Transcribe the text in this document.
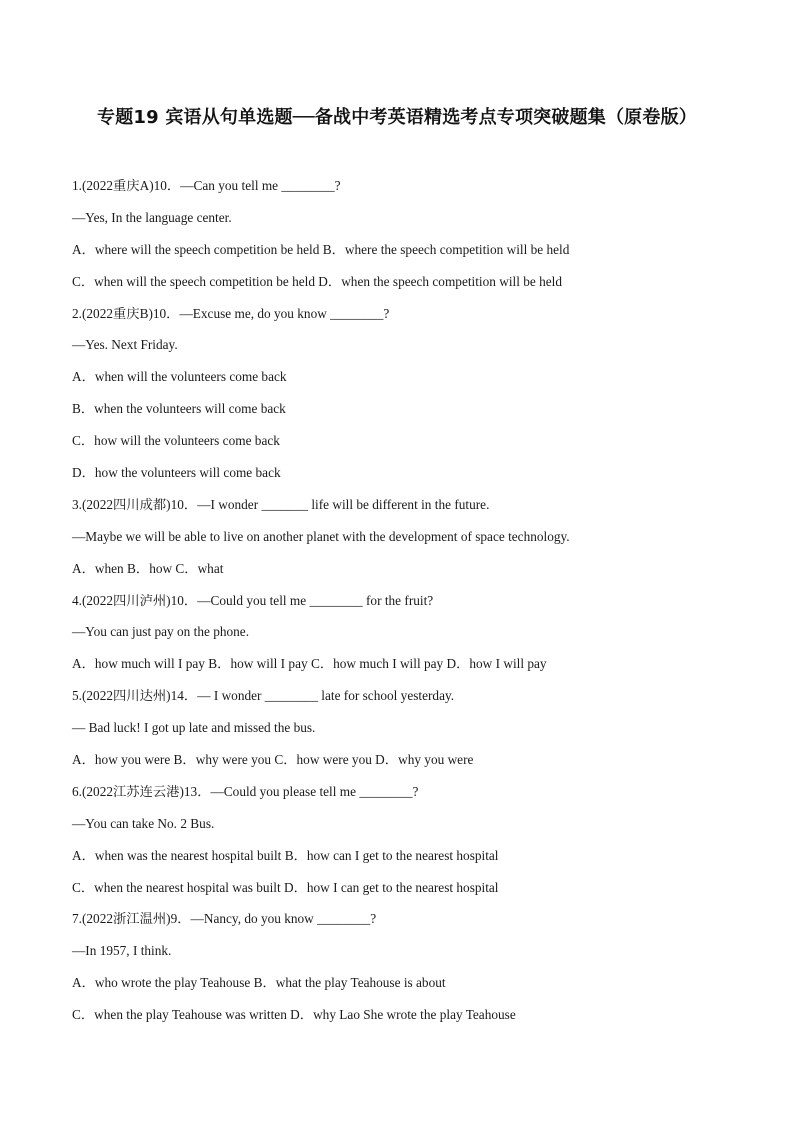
专题19 宾语从句单选题──备战中考英语精选考点专项突破题集（原卷版）
1.(2022重庆A)10．—Can you tell me ________?
—Yes, In the language center.
A．where will the speech competition be held B．where the speech competition will be held
C．when will the speech competition be held D．when the speech competition will be held
2.(2022重庆B)10．—Excuse me, do you know ________?
—Yes. Next Friday.
A．when will the volunteers come back
B．when the volunteers will come back
C．how will the volunteers come back
D．how the volunteers will come back
3.(2022四川成都)10．—I wonder _______ life will be different in the future.
—Maybe we will be able to live on another planet with the development of space technology.
A．when B．how C．what
4.(2022四川泸州)10．—Could you tell me ________ for the fruit?
—You can just pay on the phone.
A．how much will I pay B．how will I pay C．how much I will pay D．how I will pay
5.(2022四川达州)14．— I wonder ________ late for school yesterday.
— Bad luck! I got up late and missed the bus.
A．how you were B．why were you C．how were you D．why you were
6.(2022江苏连云港)13．—Could you please tell me ________?
—You can take No. 2 Bus.
A．when was the nearest hospital built B．how can I get to the nearest hospital
C．when the nearest hospital was built D．how I can get to the nearest hospital
7.(2022浙江温州)9．—Nancy, do you know ________?
—In 1957, I think.
A．who wrote the play Teahouse B．what the play Teahouse is about
C．when the play Teahouse was written D．why Lao She wrote the play Teahouse
